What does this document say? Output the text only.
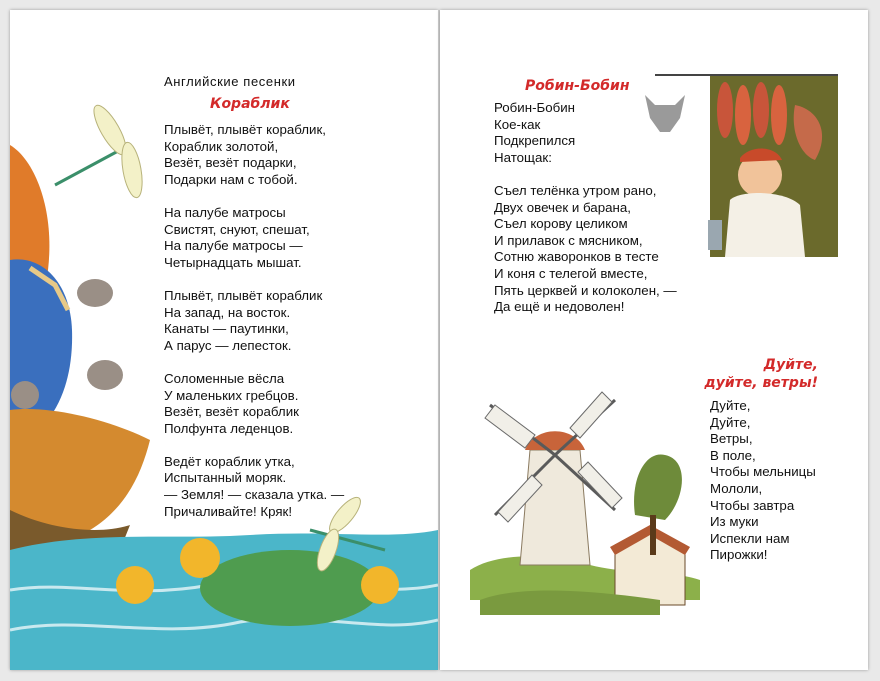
Английские песенки
Кораблик
Плывёт, плывёт кораблик,
Кораблик золотой,
Везёт, везёт подарки,
Подарки нам с тобой.
На палубе матросы
Свистят, снуют, спешат,
На палубе матросы —
Четырнадцать мышат.
Плывёт, плывёт кораблик
На запад, на восток.
Канаты — паутинки,
А парус — лепесток.
Соломенные вёсла
У маленьких гребцов.
Везёт, везёт кораблик
Полфунта леденцов.
Ведёт кораблик утка,
Испытанный моряк.
— Земля! — сказала утка. —
Причаливайте! Кряк!
Робин-Бобин
Робин-Бобин
Кое-как
Подкрепился
Натощак:
Съел телёнка утром рано,
Двух овечек и барана,
Съел корову целиком
И прилавок с мясником,
Сотню жаворонков в тесте
И коня с телегой вместе,
Пять церквей и колоколен, —
Да ещё и недоволен!
Дуйте,
дуйте, ветры!
Дуйте,
Дуйте,
Ветры,
В поле,
Чтобы мельницы
Мололи,
Чтобы завтра
Из муки
Испекли нам
Пирожки!
